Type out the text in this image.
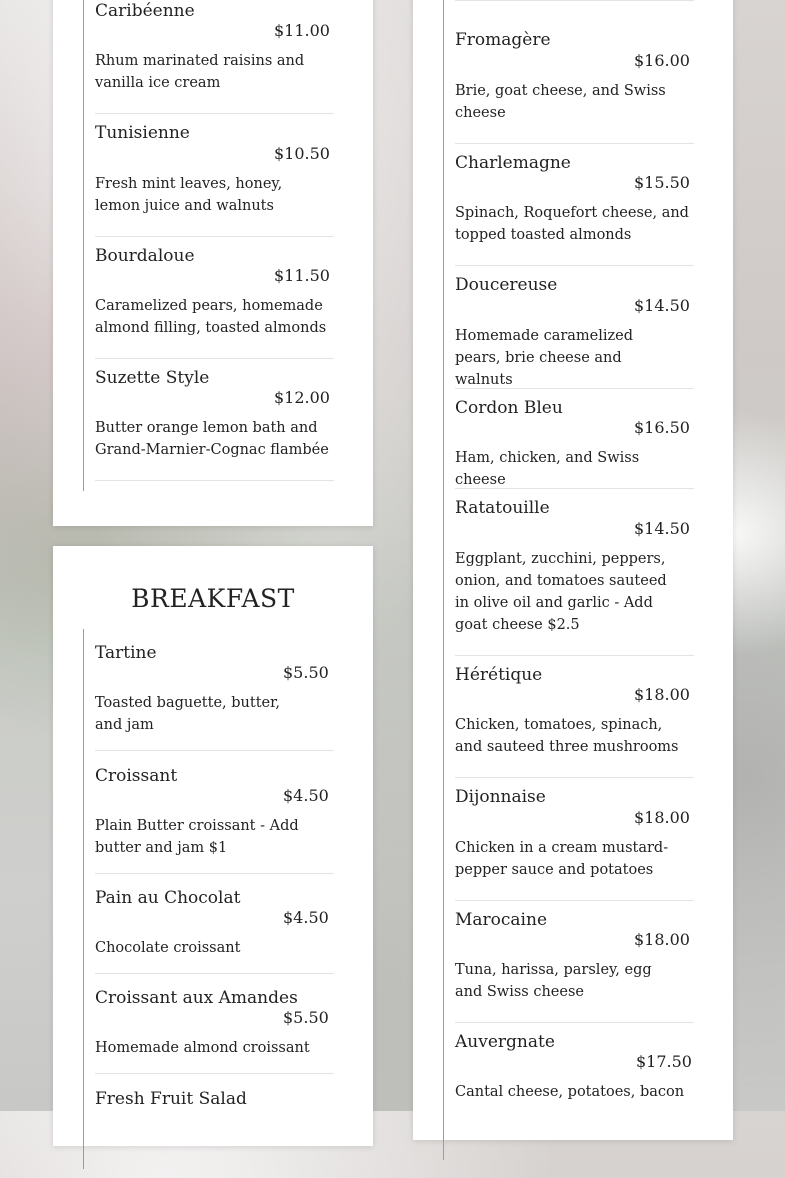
Caribéenne
$11.00
Rhum marinated raisins and vanilla ice cream
Tunisienne
$10.50
Fresh mint leaves, honey, lemon juice and walnuts
Bourdaloue
$11.50
Caramelized pears, homemade almond filling, toasted almonds
Suzette Style
$12.00
Butter orange lemon bath and Grand-Marnier-Cognac flambée
BREAKFAST
Tartine
$5.50
Toasted baguette, butter, and jam
Croissant
$4.50
Plain Butter croissant - Add butter and jam $1
Pain au Chocolat
$4.50
Chocolate croissant
Croissant aux Amandes
$5.50
Homemade almond croissant
Fresh Fruit Salad
Fromagère
$16.00
Brie, goat cheese, and Swiss cheese
Charlemagne
$15.50
Spinach, Roquefort cheese, and topped toasted almonds
Doucereuse
$14.50
Homemade caramelized pears, brie cheese and walnuts
Cordon Bleu
$16.50
Ham, chicken, and Swiss cheese
Ratatouille
$14.50
Eggplant, zucchini, peppers, onion, and tomatoes sauteed in olive oil and garlic - Add goat cheese $2.5
Hérétique
$18.00
Chicken, tomatoes, spinach, and sauteed three mushrooms
Dijonnaise
$18.00
Chicken in a cream mustard-pepper sauce and potatoes
Marocaine
$18.00
Tuna, harissa, parsley, egg and Swiss cheese
Auvergnate
$17.50
Cantal cheese, potatoes, bacon
